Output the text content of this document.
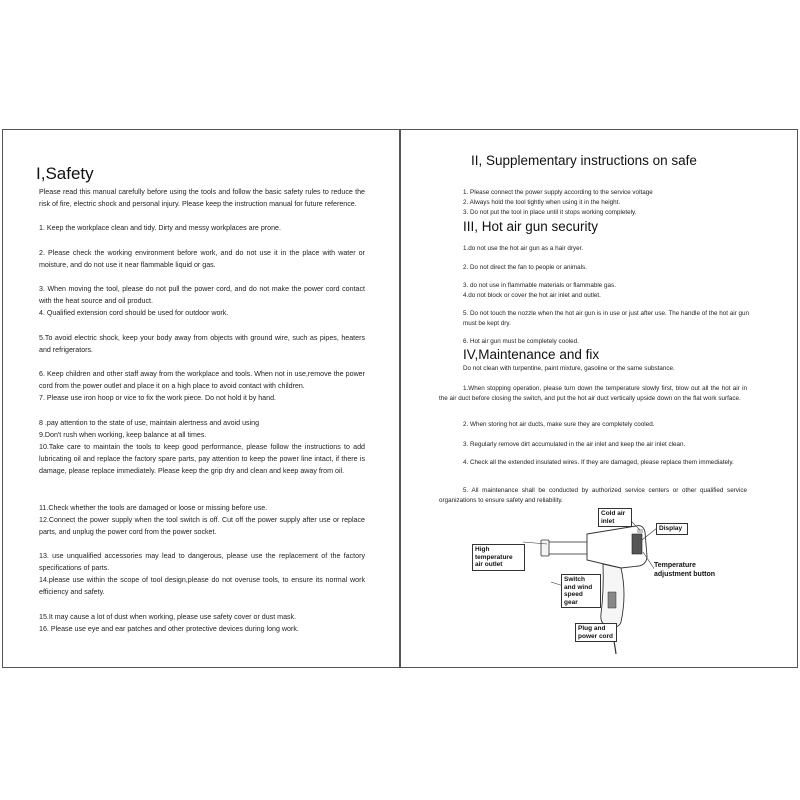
I,Safety

Please read this manual carefully before using the tools and follow the basic safety rules to reduce the risk of fire, electric shock and personal injury. Please keep the instruction manual for future reference.

1. Keep the workplace clean and tidy. Dirty and messy workplaces are prone.

2. Please check the working environment before work, and do not use it in the place with water or moisture, and do not use it near flammable liquid or gas.

3. When moving the tool, please do not pull the power cord, and do not make the power cord contact with the heat source and oil product.

4. Qualified extension cord should be used for outdoor work.

5.To avoid electric shock, keep your body away from objects with ground wire, such as pipes, heaters and refrigerators.

6. Keep children and other staff away from the workplace and tools. When not in use,remove the power cord from the power outlet and place it on a high place to avoid contact with children.

7. Please use iron hoop or vice to fix the work piece. Do not hold it by hand.

8 .pay attention to the state of use, maintain alertness and avoid using

9.Don't rush when working, keep balance at all times.

10.Take care to maintain the tools to keep good performance, please follow the instructions to add lubricating oil and replace the factory spare parts, pay attention to keep the power line intact, if there is damage, please replace immediately. Please keep the grip dry and clean and keep away from oil.

11.Check whether the tools are damaged or loose or missing before use.

12.Connect the power supply when the tool switch is off. Cut off the power supply after use or replace parts, and unplug the power cord from the power socket.

13. use unqualified accessories may lead to dangerous, please use the replacement of the factory specifications of parts.

14.please use within the scope of tool design,please do not overuse tools, to ensure its normal work efficiency and safety.

15.It may cause a lot of dust when working, please use safety cover or dust mask.

16. Please use eye and ear patches and other protective devices during long work.

II, Supplementary instructions on safe

1. Please connect the power supply according to the service voltage

2. Always hold the tool tightly when using it in the height.

3. Do not put the tool in place until it stops working completely.

III, Hot air gun security

1.do not use the hot air gun as a hair dryer.

2. Do not direct the fan to people or animals.

3. do not use in flammable materials or flammable gas.

4.do not block or cover the hot air inlet and outlet.

5. Do not touch the nozzle when the hot air gun is in use or just after use. The handle of the hot air gun must be kept dry.

6. Hot air gun must be completely cooled.

IV,Maintenance and fix

Do not clean with turpentine, paint mixture, gasoline or the same substance.

1.When stopping operation, please turn down the temperature slowly first, blow out all the hot air in the air duct before closing the switch, and put the hot air duct vertically upside down on the flat work surface.

2. When storing hot air ducts, make sure they are completely cooled.

3. Regularly remove dirt accumulated in the air inlet and keep the air inlet clean.

4. Check all the extended insulated wires. If they are damaged, please replace them immediately.

5. All maintenance shall be conducted by authorized service centers or other qualified service organizations to ensure safety and reliability.

Cold air inlet
Display
High temperature air outlet	Temperature adjustment button
Switch and wind speed gear
Plug and power cord
